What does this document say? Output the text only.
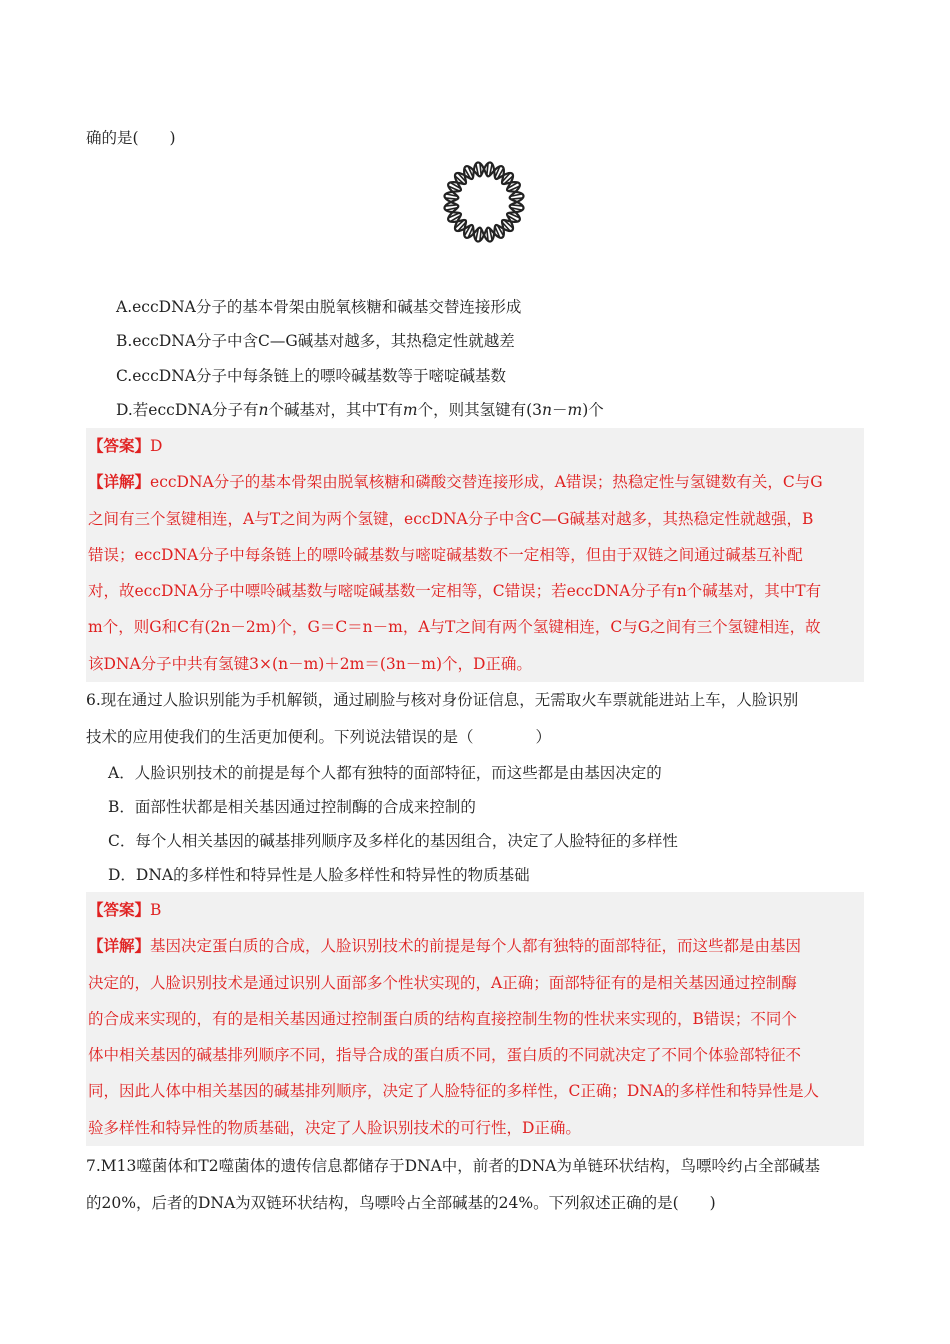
确的是(　　)
A.eccDNA分子的基本骨架由脱氧核糖和碱基交替连接形成
B.eccDNA分子中含C—G碱基对越多，其热稳定性就越差
C.eccDNA分子中每条链上的嘌呤碱基数等于嘧啶碱基数
D.若eccDNA分子有n个碱基对，其中T有m个，则其氢键有(3n－m)个
【答案】D
【详解】eccDNA分子的基本骨架由脱氧核糖和磷酸交替连接形成，A错误；热稳定性与氢键数有关，C与G
之间有三个氢键相连，A与T之间为两个氢键，eccDNA分子中含C—G碱基对越多，其热稳定性就越强，B
错误；eccDNA分子中每条链上的嘌呤碱基数与嘧啶碱基数不一定相等，但由于双链之间通过碱基互补配
对，故eccDNA分子中嘌呤碱基数与嘧啶碱基数一定相等，C错误；若eccDNA分子有n个碱基对，其中T有
m个，则G和C有(2n－2m)个，G＝C＝n－m，A与T之间有两个氢键相连，C与G之间有三个氢键相连，故
该DNA分子中共有氢键3×(n－m)＋2m＝(3n－m)个，D正确。
6.现在通过人脸识别能为手机解锁，通过刷脸与核对身份证信息，无需取火车票就能进站上车，人脸识别
技术的应用使我们的生活更加便利。下列说法错误的是（　　　　）
A．人脸识别技术的前提是每个人都有独特的面部特征，而这些都是由基因决定的
B．面部性状都是相关基因通过控制酶的合成来控制的
C．每个人相关基因的碱基排列顺序及多样化的基因组合，决定了人脸特征的多样性
D．DNA的多样性和特异性是人脸多样性和特异性的物质基础
【答案】B
【详解】基因决定蛋白质的合成，人脸识别技术的前提是每个人都有独特的面部特征，而这些都是由基因
决定的，人脸识别技术是通过识别人面部多个性状实现的，A正确；面部特征有的是相关基因通过控制酶
的合成来实现的，有的是相关基因通过控制蛋白质的结构直接控制生物的性状来实现的，B错误；不同个
体中相关基因的碱基排列顺序不同，指导合成的蛋白质不同，蛋白质的不同就决定了不同个体验部特征不
同，因此人体中相关基因的碱基排列顺序，决定了人脸特征的多样性，C正确；DNA的多样性和特异性是人
验多样性和特异性的物质基础，决定了人脸识别技术的可行性，D正确。
7.M13噬菌体和T2噬菌体的遗传信息都储存于DNA中，前者的DNA为单链环状结构，鸟嘌呤约占全部碱基
的20%，后者的DNA为双链环状结构，鸟嘌呤占全部碱基的24%。下列叙述正确的是(　　)
